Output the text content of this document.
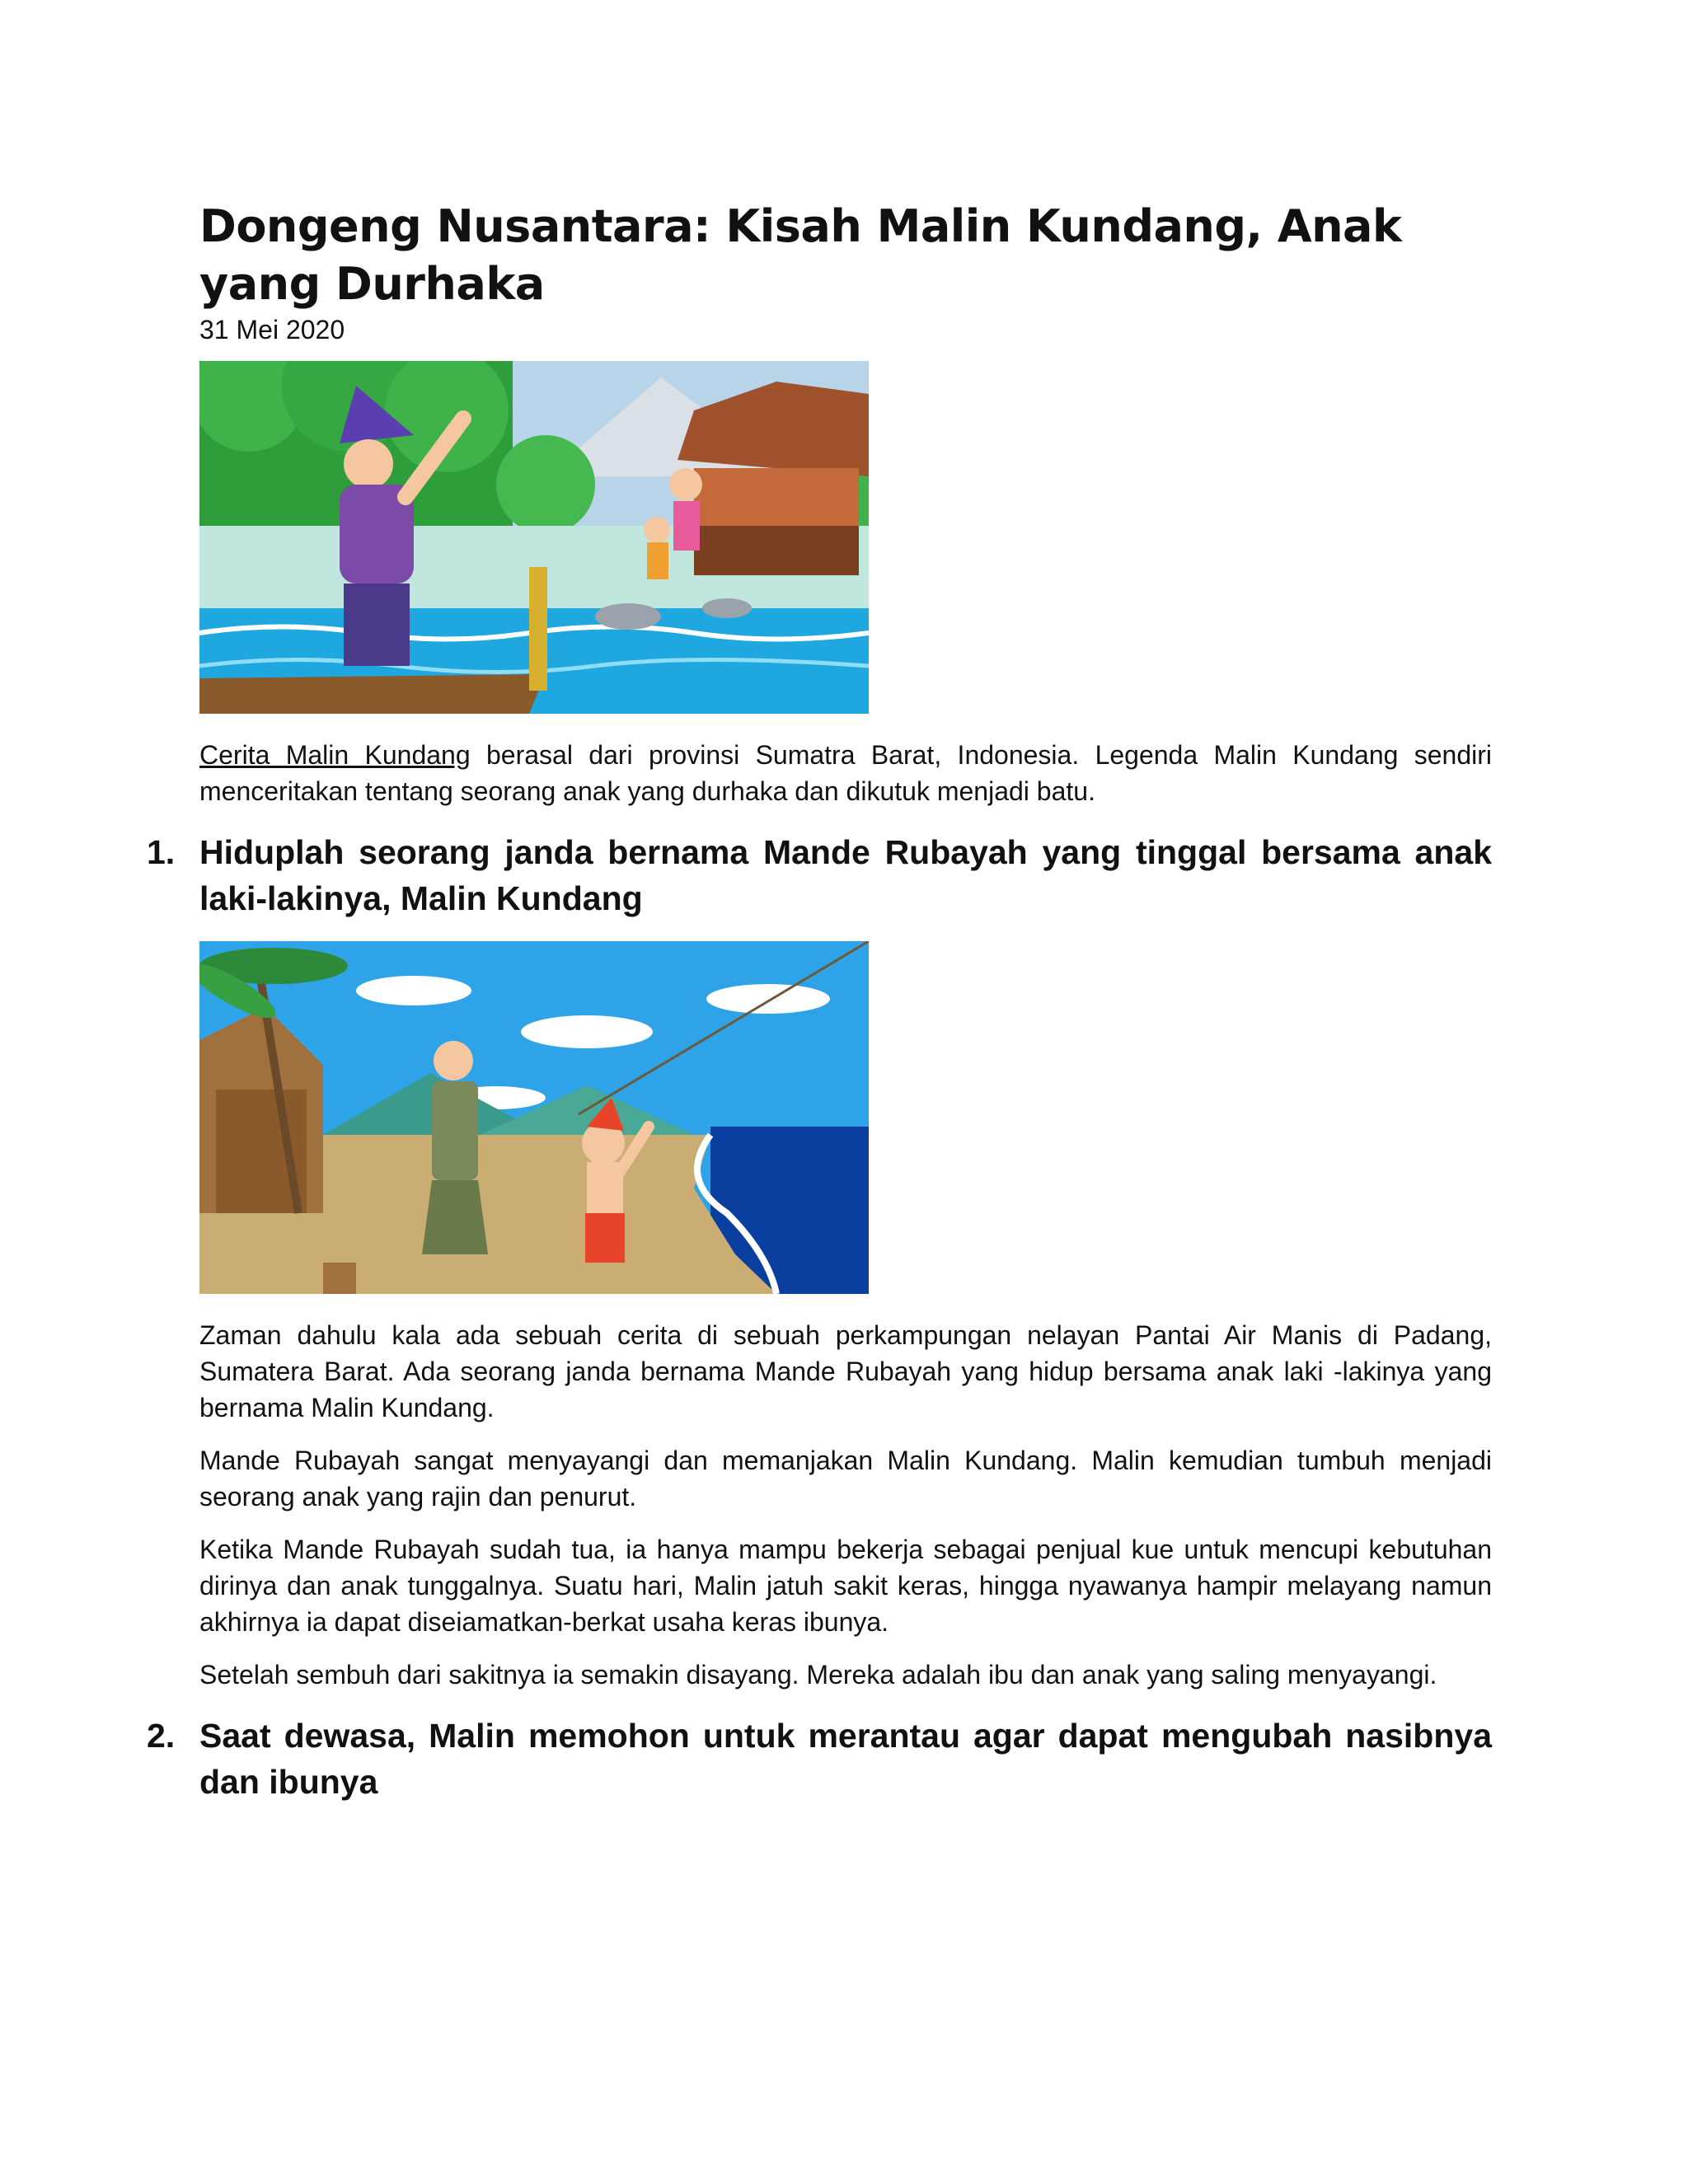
Dongeng Nusantara: Kisah Malin Kundang, Anak yang Durhaka
31 Mei 2020

Cerita Malin Kundang berasal dari provinsi Sumatra Barat, Indonesia. Legenda Malin Kundang sendiri menceritakan tentang seorang anak yang durhaka dan dikutuk menjadi batu.

1. Hiduplah seorang janda bernama Mande Rubayah yang tinggal bersama anak laki-lakinya, Malin Kundang

Zaman dahulu kala ada sebuah cerita di sebuah perkampungan nelayan Pantai Air Manis di Padang, Sumatera Barat. Ada seorang janda bernama Mande Rubayah yang hidup bersama anak laki -lakinya yang bernama Malin Kundang.

Mande Rubayah sangat menyayangi dan memanjakan Malin Kundang. Malin kemudian tumbuh menjadi seorang anak yang rajin dan penurut.

Ketika Mande Rubayah sudah tua, ia hanya mampu bekerja sebagai penjual kue untuk mencupi kebutuhan dirinya dan anak tunggalnya. Suatu hari, Malin jatuh sakit keras, hingga nyawanya hampir melayang namun akhirnya ia dapat diseiamatkan-berkat usaha keras ibunya.

Setelah sembuh dari sakitnya ia semakin disayang. Mereka adalah ibu dan anak yang saling menyayangi.

2. Saat dewasa, Malin memohon untuk merantau agar dapat mengubah nasibnya dan ibunya
